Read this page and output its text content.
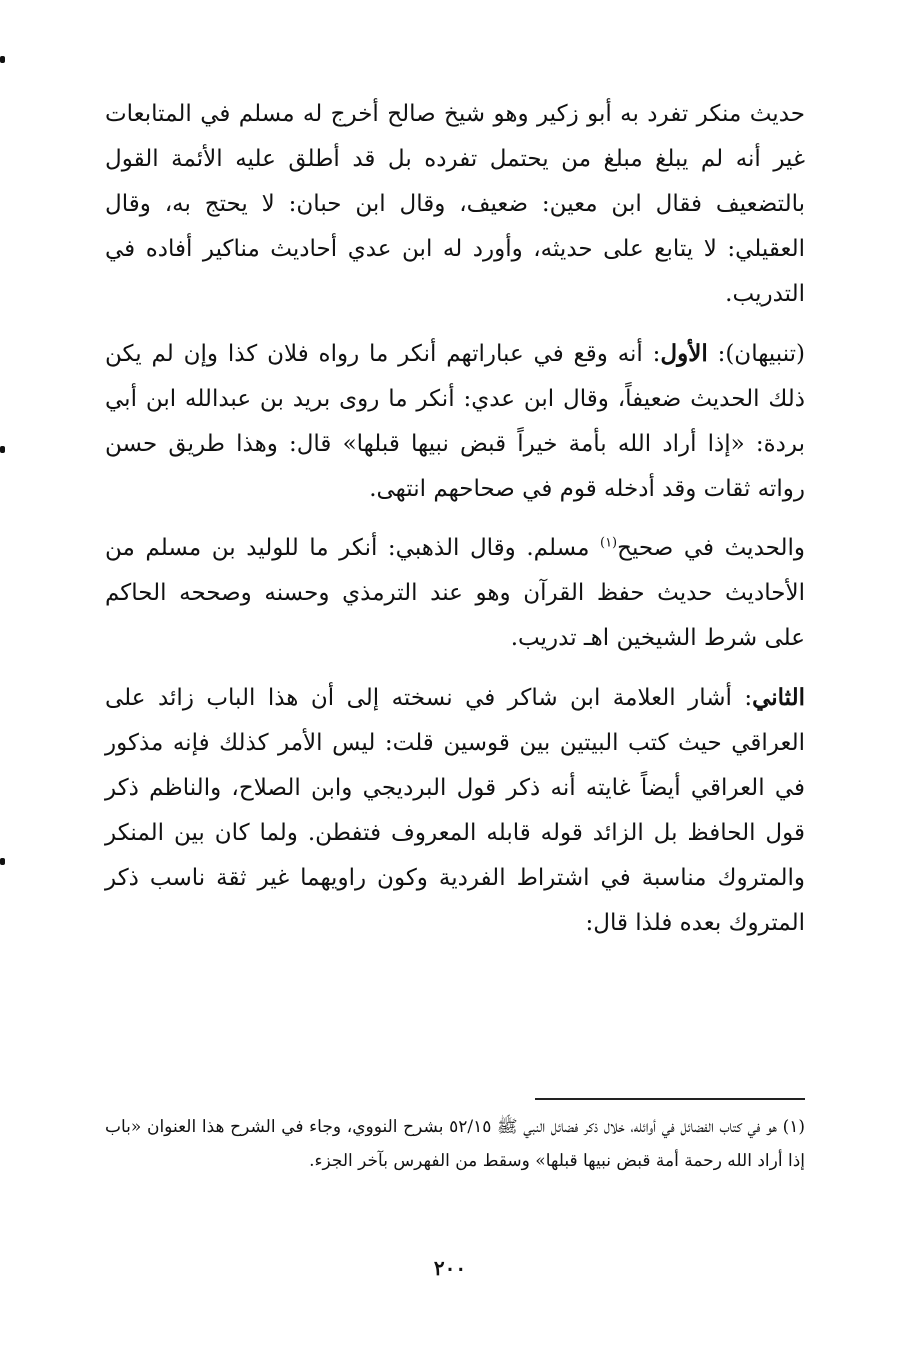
حديث منكر تفرد به أبو زكير وهو شيخ صالح أخرج له مسلم في المتابعات غير أنه لم يبلغ مبلغ من يحتمل تفرده بل قد أطلق عليه الأئمة القول بالتضعيف فقال ابن معين: ضعيف، وقال ابن حبان: لا يحتج به، وقال العقيلي: لا يتابع على حديثه، وأورد له ابن عدي أحاديث مناكير أفاده في التدريب.

(تنبيهان): الأول: أنه وقع في عباراتهم أنكر ما رواه فلان كذا وإن لم يكن ذلك الحديث ضعيفاً، وقال ابن عدي: أنكر ما روى بريد بن عبدالله ابن أبي بردة: «إذا أراد الله بأمة خيراً قبض نبيها قبلها» قال: وهذا طريق حسن رواته ثقات وقد أدخله قوم في صحاحهم انتهى.

والحديث في صحيح$^{(١)}$ مسلم. وقال الذهبي: أنكر ما للوليد بن مسلم من الأحاديث حديث حفظ القرآن وهو عند الترمذي وحسنه وصححه الحاكم على شرط الشيخين اهـ تدريب.

الثاني: أشار العلامة ابن شاكر في نسخته إلى أن هذا الباب زائد على العراقي حيث كتب البيتين بين قوسين قلت: ليس الأمر كذلك فإنه مذكور في العراقي أيضاً غايته أنه ذكر قول البرديجي وابن الصلاح، والناظم ذكر قول الحافظ بل الزائد قوله قابله المعروف فتفطن. ولما كان بين المنكر والمتروك مناسبة في اشتراط الفردية وكون راويهما غير ثقة ناسب ذكر المتروك بعده فلذا قال:

(١) هو في كتاب الفضائل في أوائله، خلال ذكر فضائل النبي ﷺ ٥٢/١٥ بشرح النووي، وجاء في الشرح هذا العنوان «باب إذا أراد الله رحمة أمة قبض نبيها قبلها» وسقط من الفهرس بآخر الجزء.

٢٠٠
